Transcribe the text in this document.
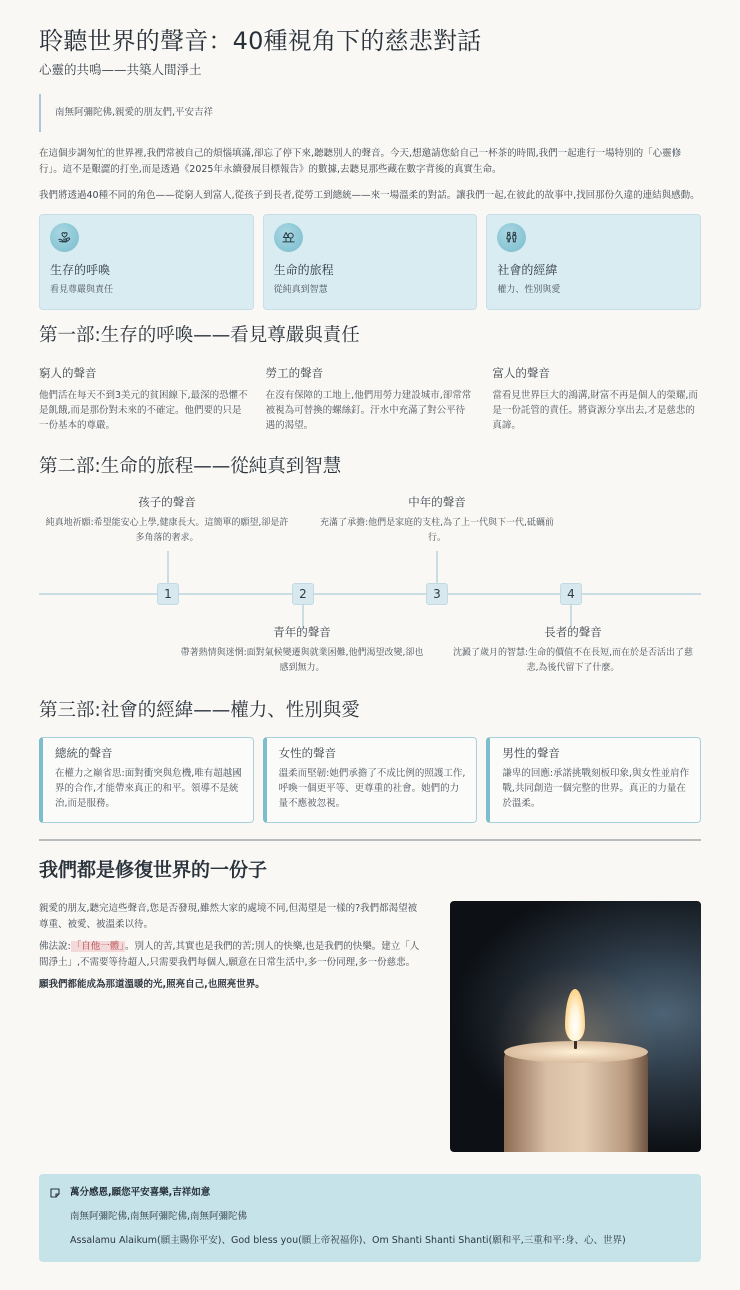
聆聽世界的聲音：40種視角下的慈悲對話
心靈的共鳴——共築人間淨土
南無阿彌陀佛,親愛的朋友們,平安吉祥

在這個步調匆忙的世界裡,我們常被自己的煩惱填滿,卻忘了停下來,聽聽別人的聲音。今天,想邀請您給自己一杯茶的時間,我們一起進行一場特別的「心靈修行」。這不是艱澀的打坐,而是透過《2025年永續發展目標報告》的數據,去聽見那些藏在數字背後的真實生命。

我們將透過40種不同的角色——從窮人到富人,從孩子到長者,從勞工到總統——來一場溫柔的對話。讓我們一起,在彼此的故事中,找回那份久違的連結與感動。

生存的呼喚
看見尊嚴與責任
生命的旅程
從純真到智慧
社會的經緯
權力、性別與愛
第一部:生存的呼喚——看見尊嚴與責任
窮人的聲音
他們活在每天不到3美元的貧困線下,最深的恐懼不是飢餓,而是那份對未來的不確定。他們要的只是一份基本的尊嚴。
勞工的聲音
在沒有保障的工地上,他們用勞力建設城市,卻常常被視為可替換的螺絲釘。汗水中充滿了對公平待遇的渴望。
富人的聲音
當看見世界巨大的鴻溝,財富不再是個人的榮耀,而是一份託管的責任。將資源分享出去,才是慈悲的真諦。
第二部:生命的旅程——從純真到智慧
孩子的聲音
純真地祈願:希望能安心上學,健康長大。這簡單的願望,卻是許多角落的奢求。
1	2
青年的聲音
帶著熱情與迷惘:面對氣候變遷與就業困難,他們渴望改變,卻也感到無力。
中年的聲音
充滿了承擔:他們是家庭的支柱,為了上一代與下一代,砥礪前行。
3	4
長者的聲音
沈澱了歲月的智慧:生命的價值不在長短,而在於是否活出了慈悲,為後代留下了什麼。
第三部:社會的經緯——權力、性別與愛
總統的聲音
在權力之巔省思:面對衝突與危機,唯有超越國界的合作,才能帶來真正的和平。領導不是統治,而是服務。
女性的聲音
溫柔而堅韌:她們承擔了不成比例的照護工作,呼喚一個更平等、更尊重的社會。她們的力量不應被忽視。
男性的聲音
謙卑的回應:承諾挑戰刻板印象,與女性並肩作戰,共同創造一個完整的世界。真正的力量在於溫柔。
我們都是修復世界的一份子

親愛的朋友,聽完這些聲音,您是否發現,雖然大家的處境不同,但渴望是一樣的?我們都渴望被尊重、被愛、被溫柔以待。

佛法說:「自他一體」。別人的苦,其實也是我們的苦;別人的快樂,也是我們的快樂。建立「人間淨土」,不需要等待超人,只需要我們每個人,願意在日常生活中,多一份同理,多一份慈悲。

願我們都能成為那道溫暖的光,照亮自己,也照亮世界。

萬分感恩,願您平安喜樂,吉祥如意
南無阿彌陀佛,南無阿彌陀佛,南無阿彌陀佛
Assalamu Alaikum(願主賜你平安)、God bless you(願上帝祝福你)、Om Shanti Shanti Shanti(願和平,三重和平:身、心、世界)
